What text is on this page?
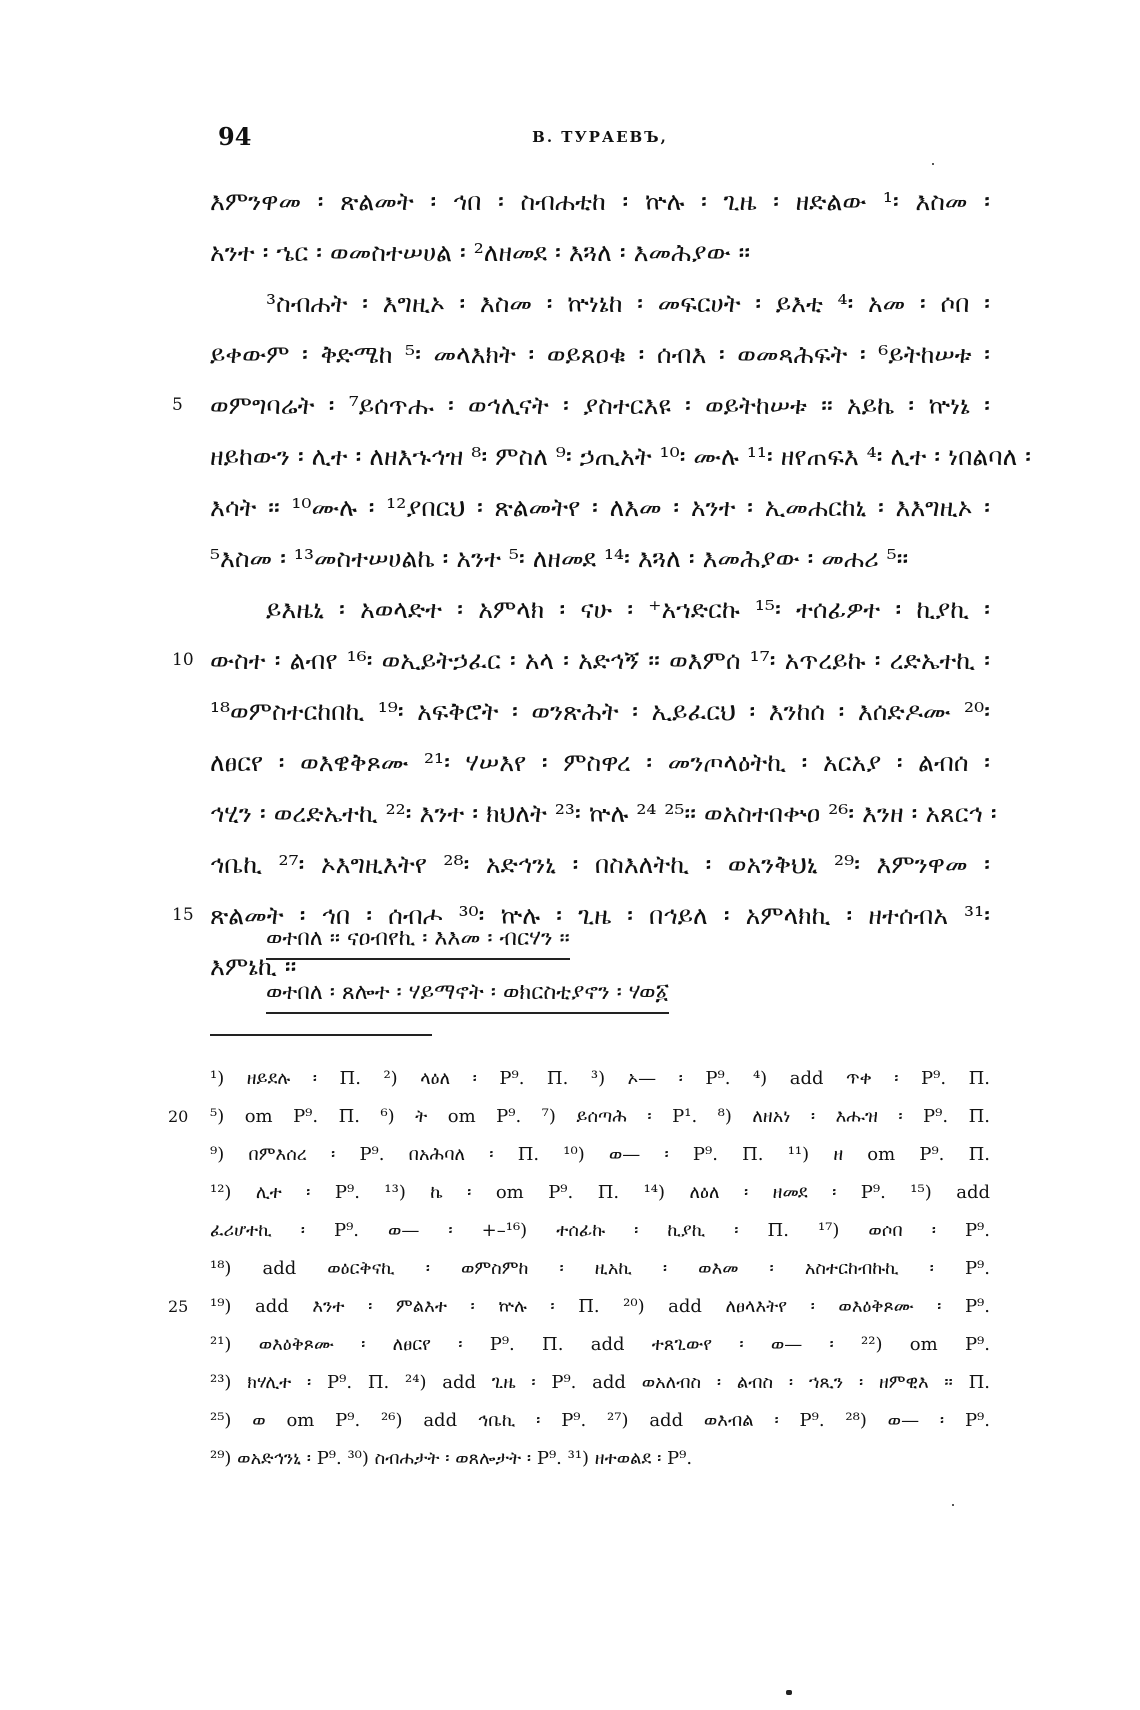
94	В. ТУРАЕВЪ,
እምንዋመ ፡ ጽልመት ፡ ኅበ ፡ ስብሐቲከ ፡ ኵሉ ፡ ጊዜ ፡ ዘድልው ¹፡ እስመ ፡
አንተ ፡ ኄር ፡ ወመስተሠሀል ፡ ²ለዘመደ ፡ እጓለ ፡ እመሕያው ።
³ስብሐት ፡ እግዚኦ ፡ እስመ ፡ ኵነኔከ ፡ መፍርሀት ፡ ይእቲ ⁴፡ አመ ፡ ሶበ ፡
ይቀውም ፡ ቅድሜከ ⁵፡ መላእክት ፡ ወይጸዐቁ ፡ ሰብእ ፡ ወመጻሕፍት ፡ ⁶ይትከሠቱ ፡
5 ወምግባሬት ፡ ⁷ይሰጥሑ ፡ ወኅሊናት ፡ ያስተርእዩ ፡ ወይትከሠቱ ። አይኬ ፡ ኵነኔ ፡
ዘይከውን ፡ ሊተ ፡ ለዘእኁኅዝ ⁸፡ ምስለ ⁹፡ ኃጢአት ¹⁰፡ ሙሉ ¹¹፡ ዘየጠፍእ ⁴፡ ሊተ ፡ ነበልባለ ፡
እሳት ። ¹⁰ሙሉ ፡ ¹²ያበርህ ፡ ጽልመትየ ፡ ለእመ ፡ አንተ ፡ ኢመሐርከኒ ፡ እእግዚኦ ፡
⁵እስመ ፡ ¹³መስተሠሀልኬ ፡ አንተ ⁵፡ ለዘመደ ¹⁴፡ እጓለ ፡ እመሕያው ፡ መሐሪ ⁵።
ይእዜኒ ፡ አወላድተ ፡ አምላክ ፡ ናሁ ፡ ⁺አኀድርኩ ¹⁵፡ ተሰፊዎተ ፡ ኪያኪ ፡
10 ውስተ ፡ ልብየ ¹⁶፡ ወኢይትኃፈር ፡ አላ ፡ አድኅኝ ። ወእምሰ ¹⁷፡ አጥረይኩ ፡ ረድኤተኪ ፡
¹⁸ወምስተርከበኪ ¹⁹፡ አፍቅሮት ፡ ወንጽሕት ፡ ኢይፈርህ ፡ እንከሰ ፡ እሰድዶሙ ²⁰፡
ለፀርየ ፡ ወእዌቅጾሙ ²¹፡ ሃሠእየ ፡ ምስዋረ ፡ መንጦላዕትኪ ፡ አርአያ ፡ ልብሰ ፡
ኅሂን ፡ ወረድኤተኪ ²²፡ እንተ ፡ ክህለት ²³፡ ኵሉ ²⁴ ²⁵። ወአስተበቍዐ ²⁶፡ እንዘ ፡ አጸርኅ ፡
ኅቤኪ ²⁷፡ ኦእግዚእትየ ²⁸፡ አድኅንኒ ፡ በስእለትኪ ፡ ወአንቅህኒ ²⁹፡ እምንዋመ ፡
15 ጽልመት ፡ ኅበ ፡ ሰብሖ ³⁰፡ ኵሉ ፡ ጊዜ ፡ በኅይለ ፡ አምላክኪ ፡ ዘተሰብአ ³¹፡
እምኔኪ ።
ወተበለ ። ናዐብየኪ ፡ እእመ ፡ ብርሃን ።
ወተበለ ፡ ጸሎተ ፡ ሃይማኖት ፡ ወክርስቲያኖን ፡ ሃወ፩
¹) ዘይደሉ ፡ Π. ²) ላዕለ ፡ P⁹. Π. ³) ኦ— ፡ P⁹. ⁴) add ጥቀ ፡ P⁹. Π.
20 ⁵) om P⁹. Π. ⁶) ት om P⁹. ⁷) ይሰጣሕ ፡ P¹. ⁸) ለዘአነ ፡ እሑዝ ፡ P⁹. Π.
⁹) በምእሰረ ፡ P⁹. በአሕባለ ፡ Π. ¹⁰) ወ— ፡ P⁹. Π. ¹¹) ዘ om P⁹. Π.
¹²) ሊተ ፡ P⁹. ¹³) ኬ ፡ om P⁹. Π. ¹⁴) ለዕለ ፡ ዘመደ ፡ P⁹. ¹⁵) add
ፈሪሆተኪ ፡ P⁹. ወ— ፡ +–¹⁶) ተሰፊኩ ፡ ኪያኪ ፡ Π. ¹⁷) ወሶበ ፡ P⁹.
¹⁸) add ወዕርቅናኪ ፡ ወምስምከ ፡ ዚአኪ ፡ ወእመ ፡ አስተርከብኩኪ ፡ P⁹.
25 ¹⁹) add እንተ ፡ ምልእተ ፡ ኵሉ ፡ Π. ²⁰) add ለፀላእትየ ፡ ወእዕቅጾሙ ፡ P⁹.
²¹) ወእዕቅጾሙ ፡ ለፀርየ ፡ P⁹. Π. add ተጸጊውየ ፡ ወ— ፡ ²²) om P⁹.
²³) ክሃሊተ ፡ P⁹. Π. ²⁴) add ጊዜ ፡ P⁹. add ወአለብስ ፡ ልብስ ፡ ኀጺን ፡ ዘምዊእ ። Π.
²⁵) ወ om P⁹. ²⁶) add ኅቤኪ ፡ P⁹. ²⁷) add ወእብል ፡ P⁹. ²⁸) ወ— ፡ P⁹.
²⁹) ወአድኅንኒ ፡ P⁹. ³⁰) ስብሐታት ፡ ወጸሎታት ፡ P⁹. ³¹) ዘተወልደ ፡ P⁹.
